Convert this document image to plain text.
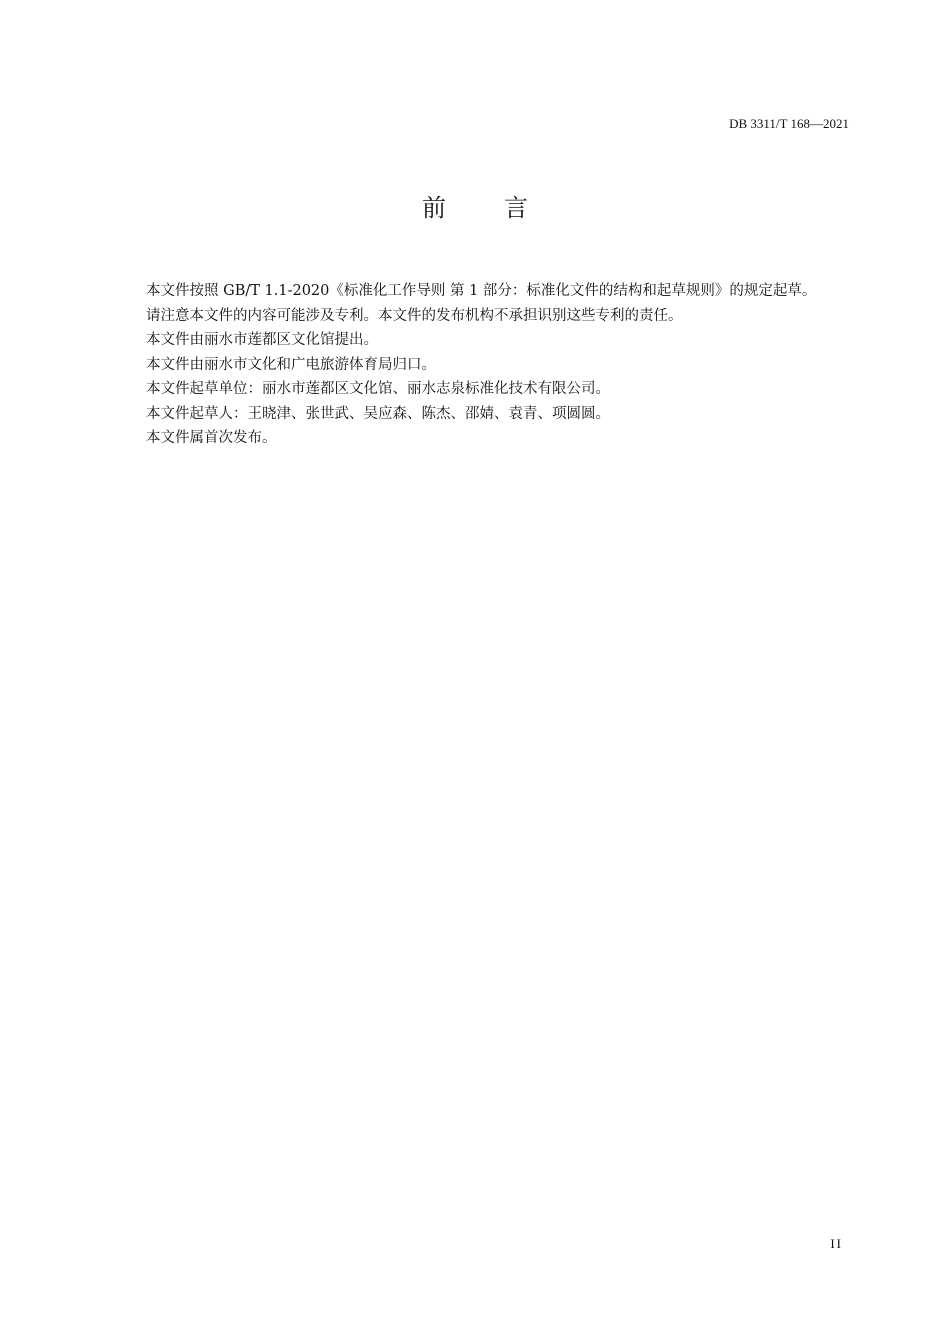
DB 3311/T 168—2021
前言

本文件按照 GB/T 1.1-2020《标准化工作导则 第 1 部分：标准化文件的结构和起草规则》的规定起草。

请注意本文件的内容可能涉及专利。本文件的发布机构不承担识别这些专利的责任。

本文件由丽水市莲都区文化馆提出。

本文件由丽水市文化和广电旅游体育局归口。

本文件起草单位：丽水市莲都区文化馆、丽水志泉标准化技术有限公司。

本文件起草人：王晓津、张世武、吴应森、陈杰、邵婧、袁青、项圆圆。

本文件属首次发布。

II
